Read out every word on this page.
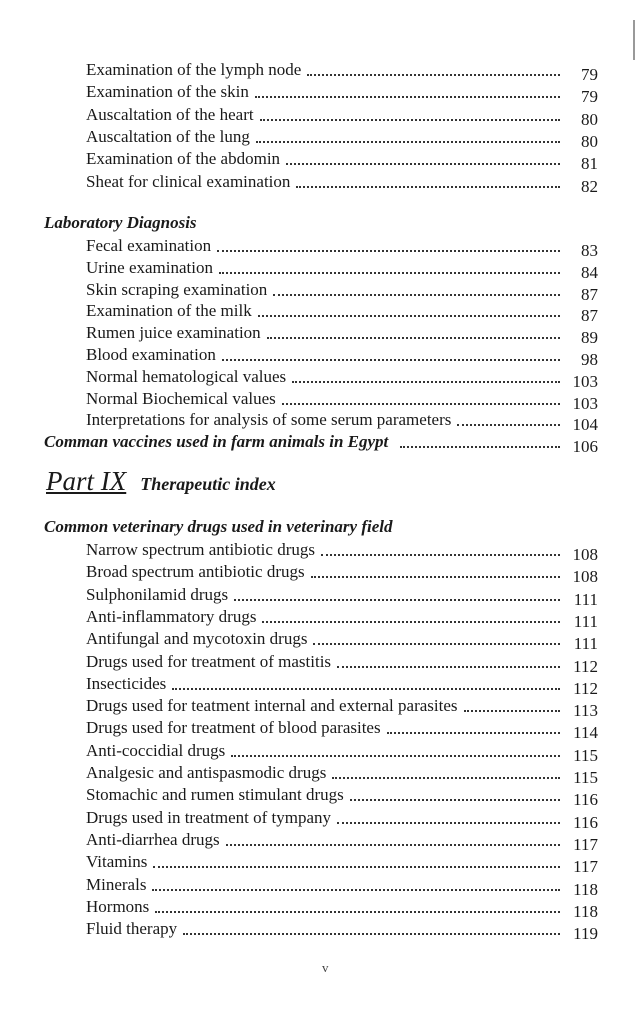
Examination of the lymph node	79
Examination of the skin	79
Auscaltation of the heart	80
Auscaltation of the lung	80
Examination of the abdomin	81
Sheat for clinical examination	82
Laboratory Diagnosis
Fecal examination	83
Urine examination	84
Skin scraping examination	87
Examination of the milk	87
Rumen juice examination	89
Blood examination	98
Normal hematological values	103
Normal Biochemical values	103
Interpretations for analysis of some serum parameters	104
Comman vaccines used in farm animals in Egypt	106
Part IX Therapeutic index
Common veterinary drugs used in veterinary field
Narrow spectrum antibiotic drugs	108
Broad spectrum antibiotic drugs	108
Sulphonilamid drugs	111
Anti-inflammatory drugs	111
Antifungal and mycotoxin drugs	111
Drugs used for treatment of mastitis	112
Insecticides	112
Drugs used for teatment internal and external parasites	113
Drugs used for treatment of blood parasites	114
Anti-coccidial drugs	115
Analgesic and antispasmodic drugs	115
Stomachic and rumen stimulant drugs	116
Drugs used in treatment of tympany	116
Anti-diarrhea drugs	117
Vitamins	117
Minerals	118
Hormons	118
Fluid therapy	119
v
